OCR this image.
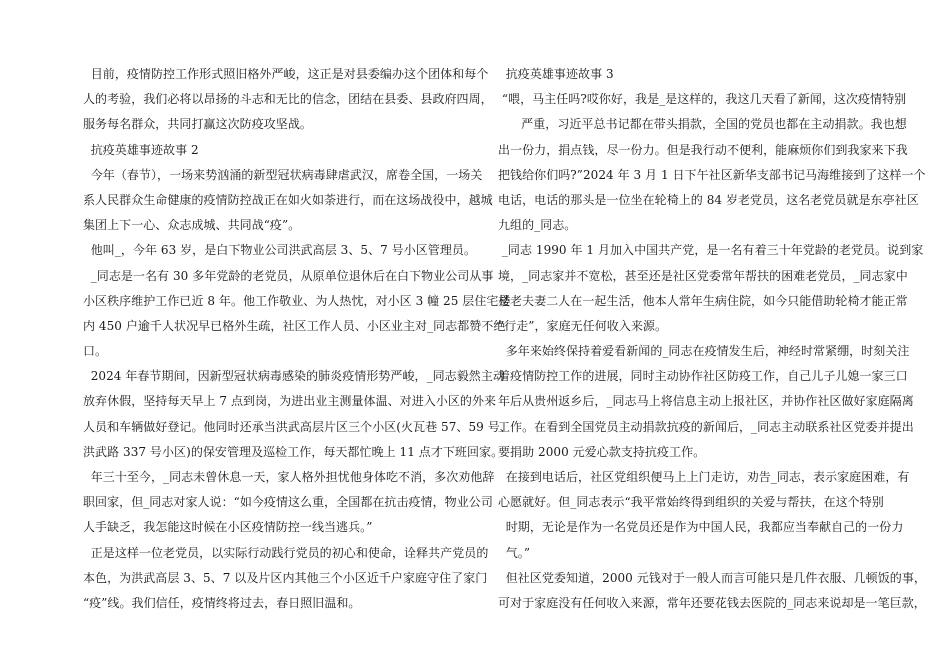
目前，疫情防控工作形式照旧格外严峻，这正是对县委编办这个团体和每个
人的考验，我们必将以昂扬的斗志和无比的信念，团结在县委、县政府四周，
服务每名群众，共同打赢这次防疫攻坚战。
抗疫英雄事迹故事 2
今年（春节），一场来势汹涌的新型冠状病毒肆虐武汉，席卷全国，一场关
系人民群众生命健康的疫情防控战正在如火如荼进行，而在这场战役中，越城
集团上下一心、众志成城、共同战“疫”。
他叫_，今年 63 岁，是白下物业公司洪武高层 3、5、7 号小区管理员。
_同志是一名有 30 多年党龄的老党员，从原单位退休后在白下物业公司从事
小区秩序维护工作已近 8 年。他工作敬业、为人热忱，对小区 3 幢 25 层住宅楼
内 450 户逾千人状况早已格外生疏，社区工作人员、小区业主对_同志都赞不绝
口。
2024 年春节期间，因新型冠状病毒感染的肺炎疫情形势严峻，_同志毅然主动
放弃休假，坚持每天早上 7 点到岗，为进出业主测量体温、对进入小区的外来
人员和车辆做好登记。他同时还承当洪武高层片区三个小区(火瓦巷 57、59 号、
洪武路 337 号小区)的保安管理及巡检工作，每天都忙晚上 11 点才下班回家。
年三十至今，_同志未曾休息一天，家人格外担忧他身体吃不消，多次劝他辞
职回家，但_同志对家人说：“如今疫情这么重，全国都在抗击疫情，物业公司
人手缺乏，我怎能这时候在小区疫情防控一线当逃兵。”
正是这样一位老党员，以实际行动践行党员的初心和使命，诠释共产党员的
本色，为洪武高层 3、5、7 以及片区内其他三个小区近千户家庭守住了家门
“疫”线。我们信任，疫情终将过去，春日照旧温和。
抗疫英雄事迹故事 3
“喂，马主任吗?哎你好，我是_是这样的，我这几天看了新闻，这次疫情特别
严重，习近平总书记都在带头捐款，全国的党员也都在主动捐款。我也想
出一份力，捐点钱，尽一份力。但是我行动不便利，能麻烦你们到我家来下我
把钱给你们吗?”2024 年 3 月 1 日下午社区新华支部书记马海维接到了这样一个
电话，电话的那头是一位坐在轮椅上的 84 岁老党员，这名老党员就是东亭社区
九组的_同志。
_同志 1990 年 1 月加入中国共产党，是一名有着三十年党龄的老党员。说到家
境，_同志家并不宽松，甚至还是社区党委常年帮扶的困难老党员，_同志家中
是老夫妻二人在一起生活，他本人常年生病住院，如今只能借助轮椅才能正常
“行走”，家庭无任何收入来源。
多年来始终保持着爱看新闻的_同志在疫情发生后，神经时常紧绷，时刻关注
着疫情防控工作的进展，同时主动协作社区防疫工作，自己儿子儿媳一家三口
年后从贵州返乡后，_同志马上将信息主动上报社区，并协作社区做好家庭隔离
工作。在看到全国党员主动捐款抗疫的新闻后，_同志主动联系社区党委并提出
要捐助 2000 元爱心款支持抗疫工作。
在接到电话后，社区党组织便马上上门走访，劝告_同志，表示家庭困难，有
心愿就好。但_同志表示“我平常始终得到组织的关爱与帮扶，在这个特别
时期，无论是作为一名党员还是作为中国人民，我都应当奉献自己的一份力
气。”
但社区党委知道，2000 元钱对于一般人而言可能只是几件衣服、几顿饭的事，
可对于家庭没有任何收入来源，常年还要花钱去医院的_同志来说却是一笔巨款，
